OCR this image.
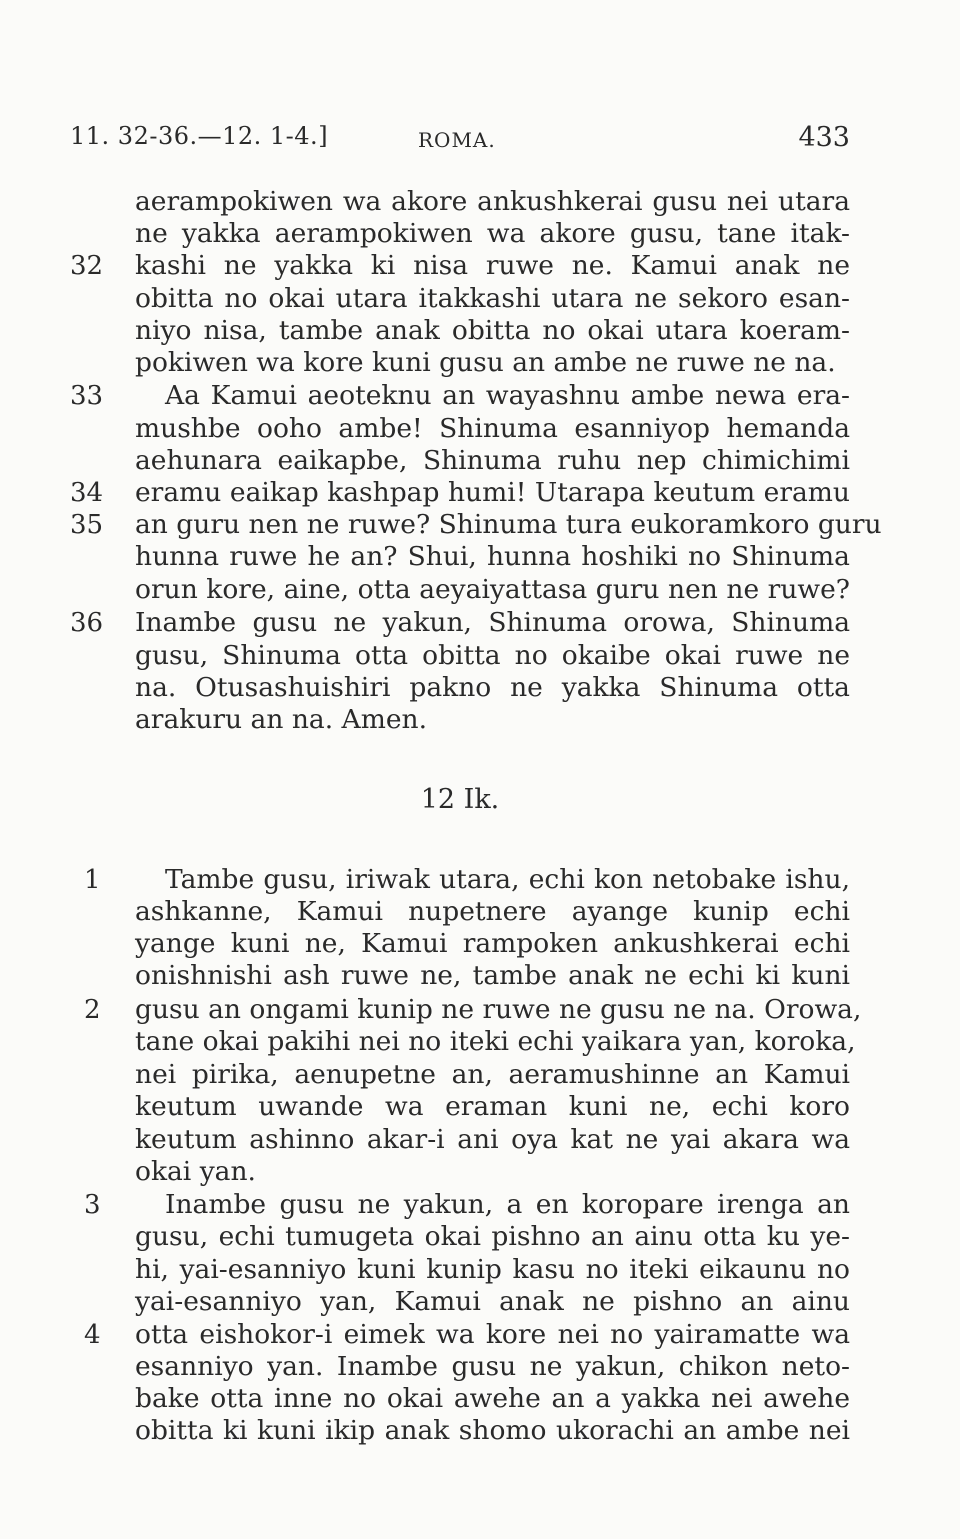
11. 32-36.—12. 1-4.]	ROMA.	433
aerampokiwen wa akore ankushkerai gusu nei utara
ne yakka aerampokiwen wa akore gusu, tane itak-
32 kashi ne yakka ki nisa ruwe ne. Kamui anak ne
obitta no okai utara itakkashi utara ne sekoro esan-
niyo nisa, tambe anak obitta no okai utara koeram-
pokiwen wa kore kuni gusu an ambe ne ruwe ne na.
33 Aa Kamui aeoteknu an wayashnu ambe newa era-
mushbe ooho ambe! Shinuma esanniyop hemanda
aehunara eaikapbe, Shinuma ruhu nep chimichimi
34 eramu eaikap kashpap humi! Utarapa keutum eramu
35 an guru nen ne ruwe? Shinuma tura eukoramkoro guru
hunna ruwe he an? Shui, hunna hoshiki no Shinuma
orun kore, aine, otta aeyaiyattasa guru nen ne ruwe?
36 Inambe gusu ne yakun, Shinuma orowa, Shinuma
gusu, Shinuma otta obitta no okaibe okai ruwe ne
na. Otusashuishiri pakno ne yakka Shinuma otta
arakuru an na. Amen.
12 Ik.
1	Tambe gusu, iriwak utara, echi kon netobake ishu,
ashkanne, Kamui nupetnere ayange kunip echi
yange kuni ne, Kamui rampoken ankushkerai echi
onishnishi ash ruwe ne, tambe anak ne echi ki kuni
2	gusu an ongami kunip ne ruwe ne gusu ne na. Orowa,
tane okai pakihi nei no iteki echi yaikara yan, koroka,
nei pirika, aenupetne an, aeramushinne an Kamui
keutum uwande wa eraman kuni ne, echi koro
keutum ashinno akar-i ani oya kat ne yai akara wa
okai yan.
3	Inambe gusu ne yakun, a en koropare irenga an
gusu, echi tumugeta okai pishno an ainu otta ku ye-
hi, yai-esanniyo kuni kunip kasu no iteki eikaunu no
yai-esanniyo yan, Kamui anak ne pishno an ainu
4	otta eishokor-i eimek wa kore nei no yairamatte wa
esanniyo yan. Inambe gusu ne yakun, chikon neto-
bake otta inne no okai awehe an a yakka nei awehe
obitta ki kuni ikip anak shomo ukorachi an ambe nei
